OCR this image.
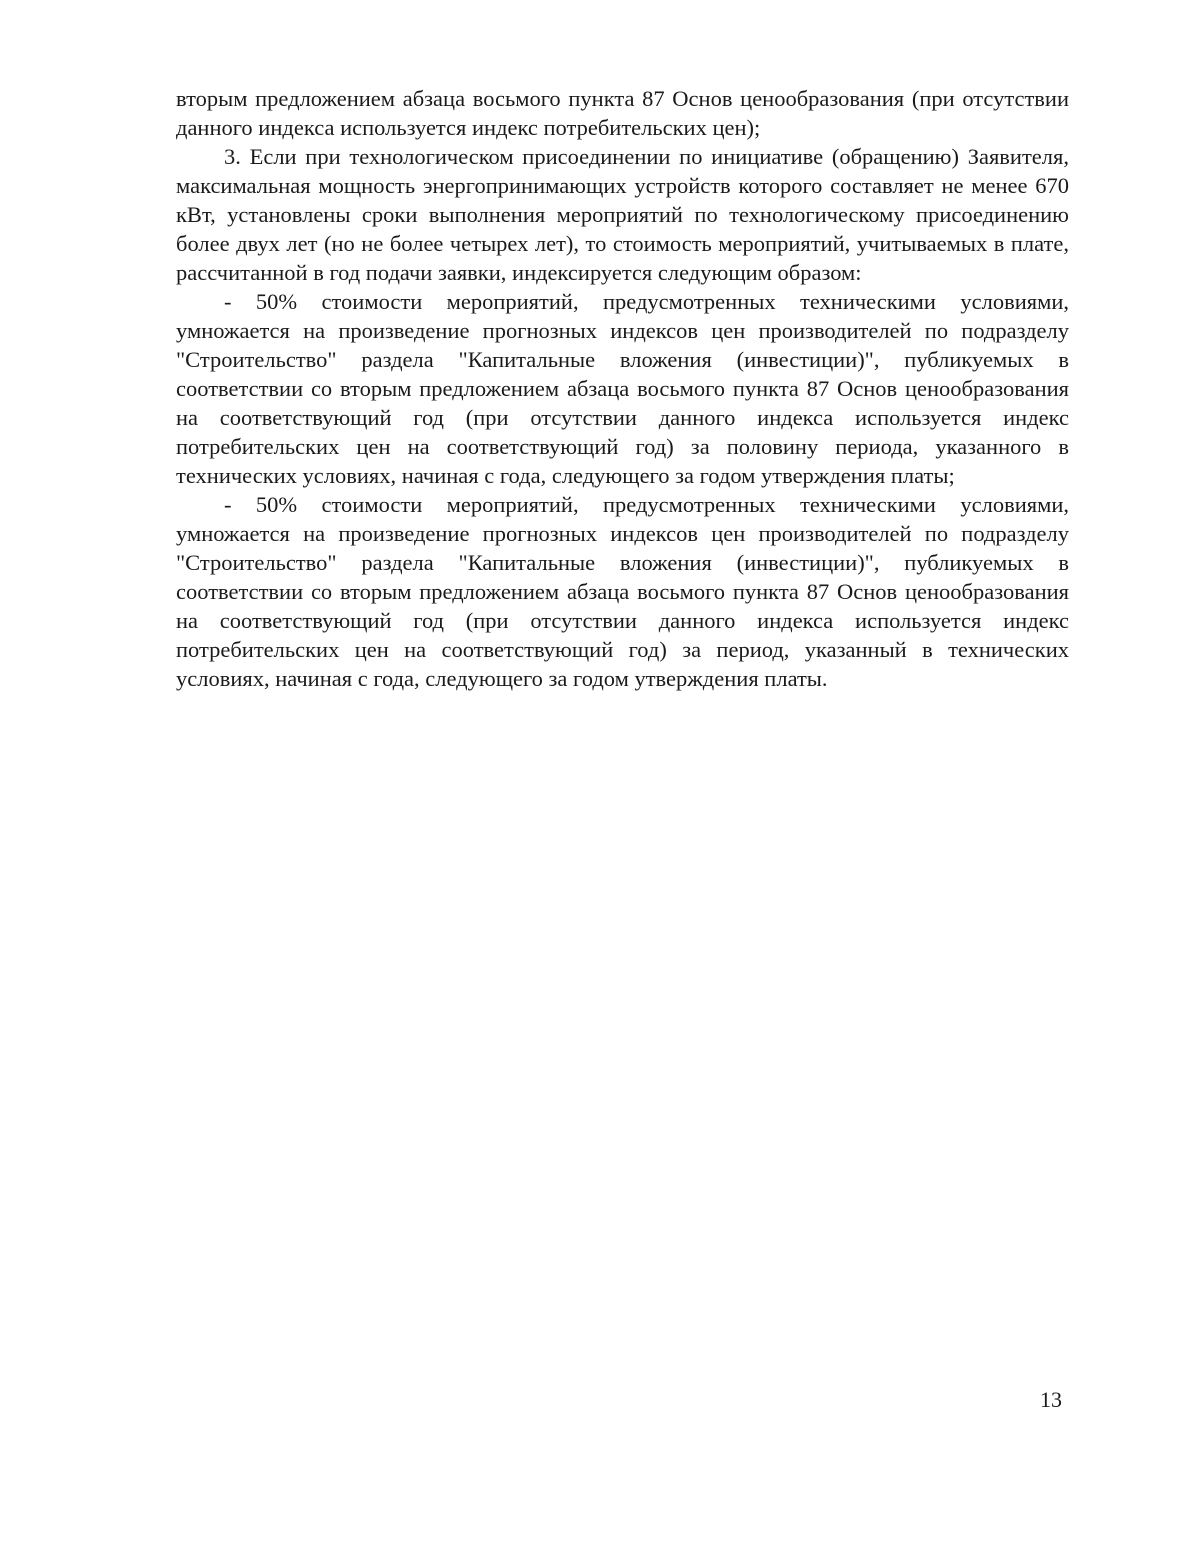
вторым предложением абзаца восьмого пункта 87 Основ ценообразования (при отсутствии данного индекса используется индекс потребительских цен);

3. Если при технологическом присоединении по инициативе (обращению) Заявителя, максимальная мощность энергопринимающих устройств которого составляет не менее 670 кВт, установлены сроки выполнения мероприятий по технологическому присоединению более двух лет (но не более четырех лет), то стоимость мероприятий, учитываемых в плате, рассчитанной в год подачи заявки, индексируется следующим образом:

- 50% стоимости мероприятий, предусмотренных техническими условиями, умножается на произведение прогнозных индексов цен производителей по подразделу "Строительство" раздела "Капитальные вложения (инвестиции)", публикуемых в соответствии со вторым предложением абзаца восьмого пункта 87 Основ ценообразования на соответствующий год (при отсутствии данного индекса используется индекс потребительских цен на соответствующий год) за половину периода, указанного в технических условиях, начиная с года, следующего за годом утверждения платы;

- 50% стоимости мероприятий, предусмотренных техническими условиями, умножается на произведение прогнозных индексов цен производителей по подразделу "Строительство" раздела "Капитальные вложения (инвестиции)", публикуемых в соответствии со вторым предложением абзаца восьмого пункта 87 Основ ценообразования на соответствующий год (при отсутствии данного индекса используется индекс потребительских цен на соответствующий год) за период, указанный в технических условиях, начиная с года, следующего за годом утверждения платы.

13
